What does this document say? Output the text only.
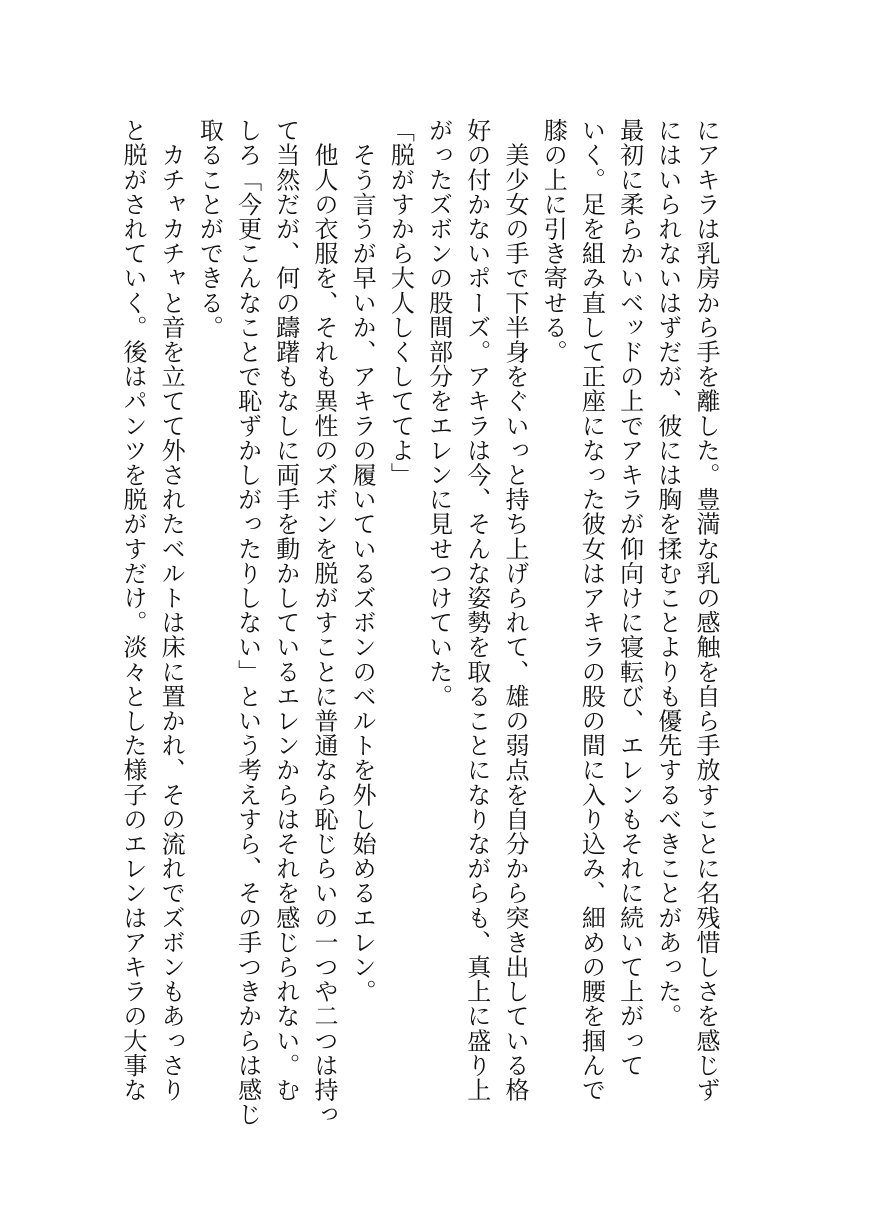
にアキラは乳房から手を離した。豊満な乳の感触を自ら手放すことに名残惜しさを感じず
にはいられないはずだが、彼には胸を揉むことよりも優先するべきことがあった。
最初に柔らかいベッドの上でアキラが仰向けに寝転び、エレンもそれに続いて上がって
いく。足を組み直して正座になった彼女はアキラの股の間に入り込み、細めの腰を掴んで
膝の上に引き寄せる。
　美少女の手で下半身をぐいっと持ち上げられて、雄の弱点を自分から突き出している格
好の付かないポーズ。アキラは今、そんな姿勢を取ることになりながらも、真上に盛り上
がったズボンの股間部分をエレンに見せつけていた。
「脱がすから大人しくしててよ」
　そう言うが早いか、アキラの履いているズボンのベルトを外し始めるエレン。
　他人の衣服を、それも異性のズボンを脱がすことに普通なら恥じらいの一つや二つは持っ
て当然だが、何の躊躇もなしに両手を動かしているエレンからはそれを感じられない。む
しろ「今更こんなことで恥ずかしがったりしない」という考えすら、その手つきからは感じ
取ることができる。
　カチャカチャと音を立てて外されたベルトは床に置かれ、その流れでズボンもあっさり
と脱がされていく。後はパンツを脱がすだけ。淡々とした様子のエレンはアキラの大事な
